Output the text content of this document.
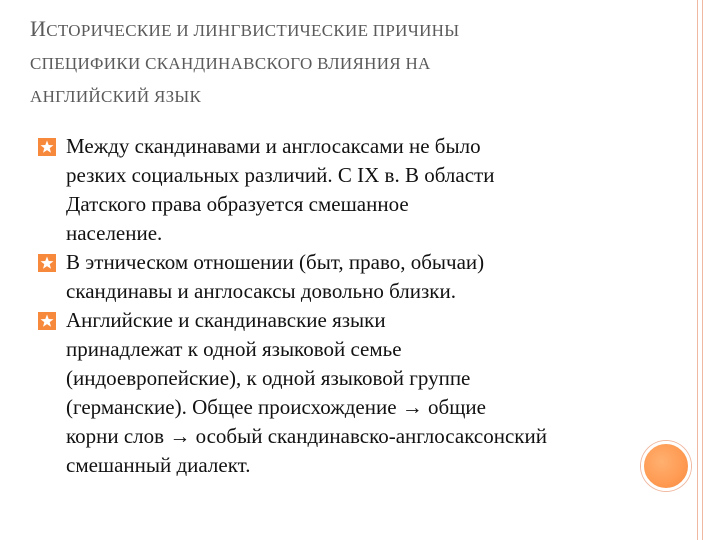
ИСТОРИЧЕСКИЕ И ЛИНГВИСТИЧЕСКИЕ ПРИЧИНЫ
СПЕЦИФИКИ СКАНДИНАВСКОГО ВЛИЯНИЯ НА
АНГЛИЙСКИЙ ЯЗЫК
Между скандинавами и англосаксами не было
резких социальных различий. С IX в. В области
Датского права образуется смешанное
население.
В этническом отношении (быт, право, обычаи)
скандинавы и англосаксы довольно близки.
Английские и скандинавские языки
принадлежат к одной языковой семье
(индоевропейские), к одной языковой группе
(германские). Общее происхождение → общие
корни слов → особый скандинавско-англосаксонский
смешанный диалект.
